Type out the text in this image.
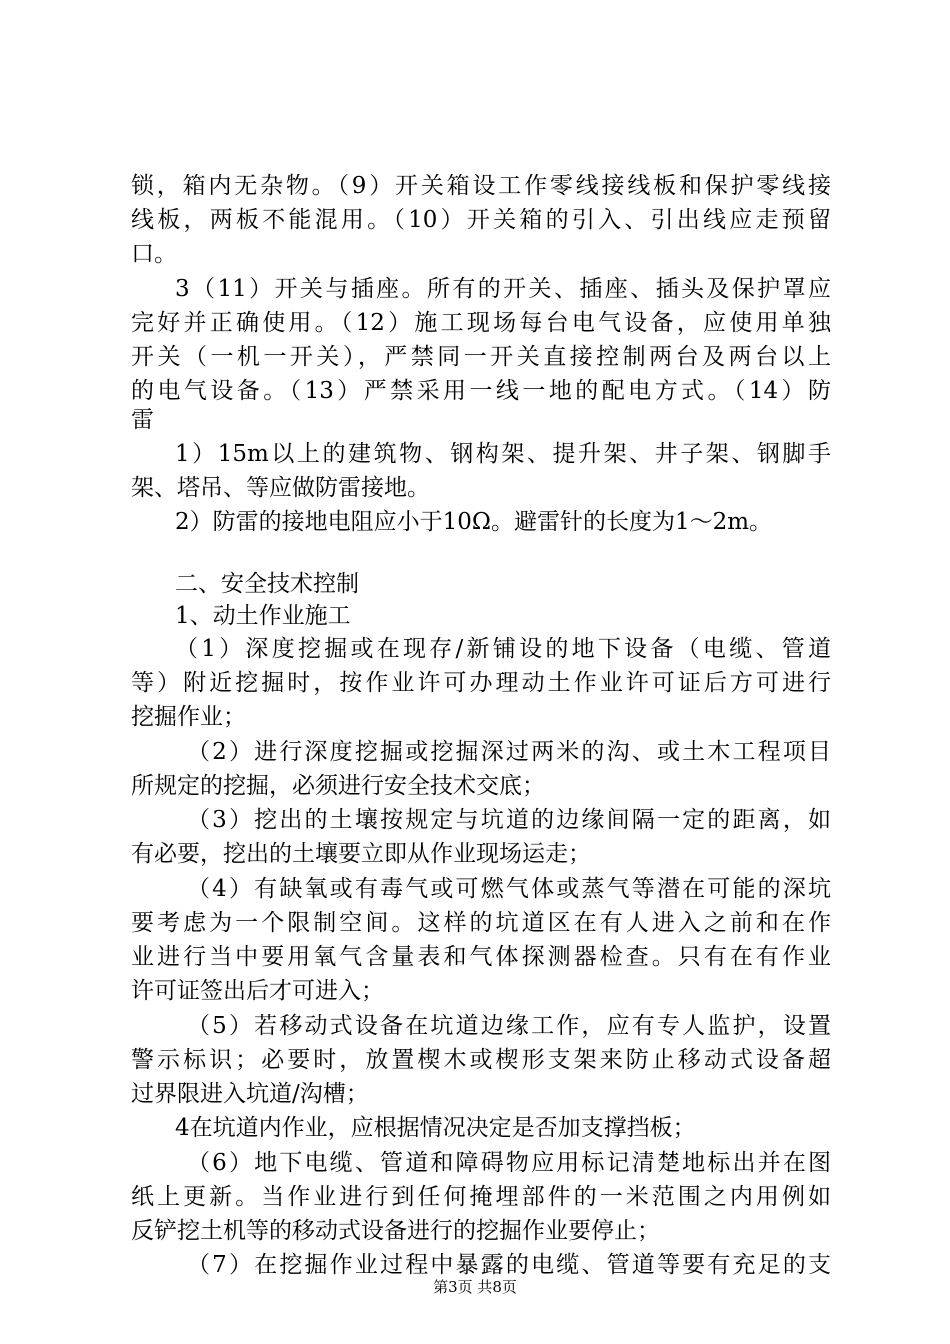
锁，箱内无杂物。（9）开关箱设工作零线接线板和保护零线接
线板，两板不能混用。（10）开关箱的引入、引出线应走预留
口。
3（11）开关与插座。所有的开关、插座、插头及保护罩应
完好并正确使用。（12）施工现场每台电气设备，应使用单独
开关（一机一开关），严禁同一开关直接控制两台及两台以上
的电气设备。（13）严禁采用一线一地的配电方式。（14）防
雷
1）15m以上的建筑物、钢构架、提升架、井子架、钢脚手
架、塔吊、等应做防雷接地。
2）防雷的接地电阻应小于10Ω。避雷针的长度为1～2m。
二、安全技术控制
1、动土作业施工
（1）深度挖掘或在现存/新铺设的地下设备（电缆、管道
等）附近挖掘时，按作业许可办理动土作业许可证后方可进行
挖掘作业；
（2）进行深度挖掘或挖掘深过两米的沟、或土木工程项目
所规定的挖掘，必须进行安全技术交底；
（3）挖出的土壤按规定与坑道的边缘间隔一定的距离，如
有必要，挖出的土壤要立即从作业现场运走；
（4）有缺氧或有毒气或可燃气体或蒸气等潜在可能的深坑
要考虑为一个限制空间。这样的坑道区在有人进入之前和在作
业进行当中要用氧气含量表和气体探测器检查。只有在有作业
许可证签出后才可进入；
（5）若移动式设备在坑道边缘工作，应有专人监护，设置
警示标识；必要时，放置楔木或楔形支架来防止移动式设备超
过界限进入坑道/沟槽；
4在坑道内作业，应根据情况决定是否加支撑挡板；
（6）地下电缆、管道和障碍物应用标记清楚地标出并在图
纸上更新。当作业进行到任何掩埋部件的一米范围之内用例如
反铲挖土机等的移动式设备进行的挖掘作业要停止；
（7）在挖掘作业过程中暴露的电缆、管道等要有充足的支
第3页 共8页
